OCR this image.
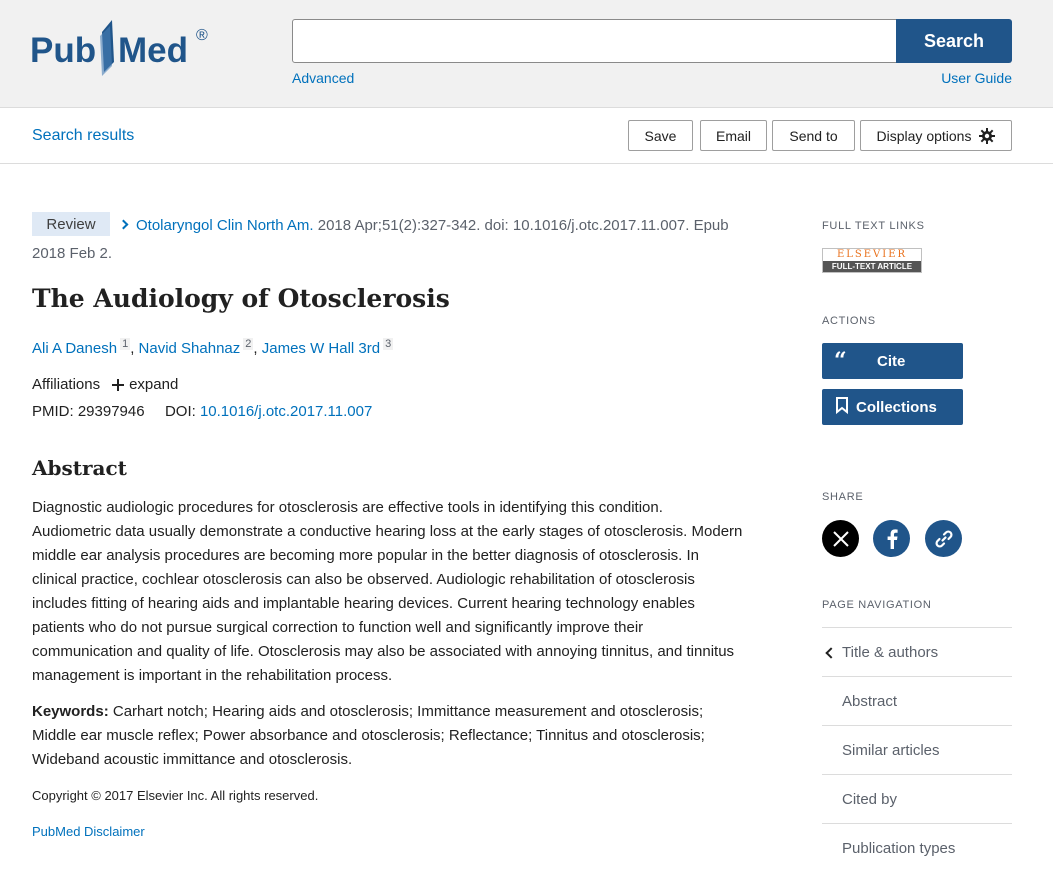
Pub Med ®	Search
Advanced	User Guide
Search results	Save	Email	Send to	Display options
Otolaryngol Clin North Am. 2018 Apr;51(2):327-342. doi: 10.1016/j.otc.2017.11.007. Epub 2018 Feb 2.
Review
The Audiology of Otosclerosis
Ali A Danesh $^1$ , Navid Shahnaz $^2$ , James W Hall 3rd $^3$
Affiliations expand
PMID: 29397946 DOI: 10.1016/j.otc.2017.11.007
Abstract

Diagnostic audiologic procedures for otosclerosis are effective tools in identifying this condition. Audiometric data usually demonstrate a conductive hearing loss at the early stages of otosclerosis. Modern middle ear analysis procedures are becoming more popular in the better diagnosis of otosclerosis. In clinical practice, cochlear otosclerosis can also be observed. Audiologic rehabilitation of otosclerosis includes fitting of hearing aids and implantable hearing devices. Current hearing technology enables patients who do not pursue surgical correction to function well and significantly improve their communication and quality of life. Otosclerosis may also be associated with annoying tinnitus, and tinnitus management is important in the rehabilitation process.

Keywords: Carhart notch; Hearing aids and otosclerosis; Immittance measurement and otosclerosis; Middle ear muscle reflex; Power absorbance and otosclerosis; Reflectance; Tinnitus and otosclerosis; Wideband acoustic immittance and otosclerosis.

Copyright © 2017 Elsevier Inc. All rights reserved.
PubMed Disclaimer
FULL TEXT LINKS
ELSEVIER
FULL-TEXT ARTICLE
ACTIONS
“	Cite
Collections
SHARE
PAGE NAVIGATION
Title & authors
Abstract
Similar articles
Cited by
Publication types
